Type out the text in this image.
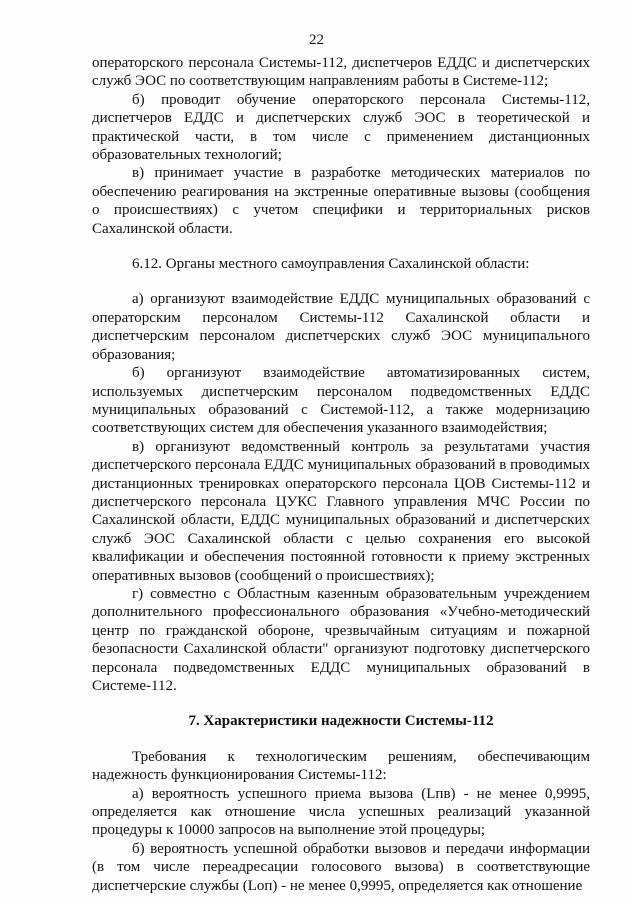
22

операторского персонала Системы-112, диспетчеров ЕДДС и диспетчерских служб ЭОС по соответствующим направлениям работы в Системе-112;

б) проводит обучение операторского персонала Системы-112, диспетчеров ЕДДС и диспетчерских служб ЭОС в теоретической и практической части, в том числе с применением дистанционных образовательных технологий;

в) принимает участие в разработке методических материалов по обеспечению реагирования на экстренные оперативные вызовы (сообщения о происшествиях) с учетом специфики и территориальных рисков Сахалинской области.

6.12. Органы местного самоуправления Сахалинской области:

а) организуют взаимодействие ЕДДС муниципальных образований с операторским персоналом Системы-112 Сахалинской области и диспетчерским персоналом диспетчерских служб ЭОС муниципального образования;

б) организуют взаимодействие автоматизированных систем, используемых диспетчерским персоналом подведомственных ЕДДС муниципальных образований с Системой-112, а также модернизацию соответствующих систем для обеспечения указанного взаимодействия;

в) организуют ведомственный контроль за результатами участия диспетчерского персонала ЕДДС муниципальных образований в проводимых дистанционных тренировках операторского персонала ЦОВ Системы-112 и диспетчерского персонала ЦУКС Главного управления МЧС России по Сахалинской области, ЕДДС муниципальных образований и диспетчерских служб ЭОС Сахалинской области с целью сохранения его высокой квалификации и обеспечения постоянной готовности к приему экстренных оперативных вызовов (сообщений о происшествиях);

г) совместно с Областным казенным образовательным учреждением дополнительного профессионального образования «Учебно-методический центр по гражданской обороне, чрезвычайным ситуациям и пожарной безопасности Сахалинской области" организуют подготовку диспетчерского персонала подведомственных ЕДДС муниципальных образований в Системе-112.

7. Характеристики надежности Системы-112

Требования к технологическим решениям, обеспечивающим надежность функционирования Системы-112:

а) вероятность успешного приема вызова (Lпв) - не менее 0,9995, определяется как отношение числа успешных реализаций указанной процедуры к 10000 запросов на выполнение этой процедуры;

б) вероятность успешной обработки вызовов и передачи информации (в том числе переадресации голосового вызова) в соответствующие диспетчерские службы (Lоп) - не менее 0,9995, определяется как отношение
